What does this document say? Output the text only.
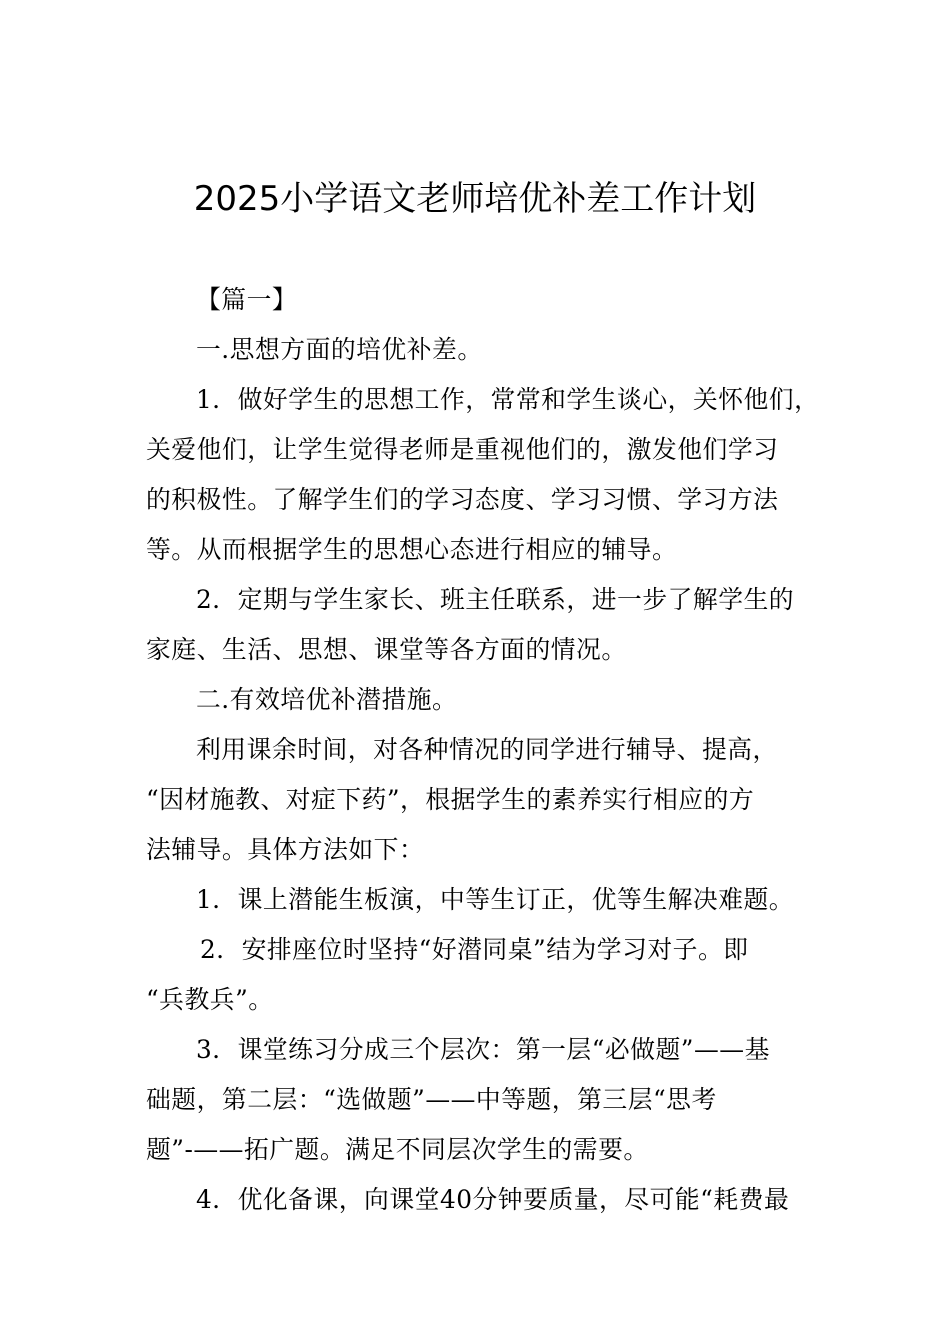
2025小学语文老师培优补差工作计划
【篇一】
一.思想方面的培优补差。
1．做好学生的思想工作，常常和学生谈心，关怀他们，
关爱他们，让学生觉得老师是重视他们的，激发他们学习
的积极性。了解学生们的学习态度、学习习惯、学习方法
等。从而根据学生的思想心态进行相应的辅导。
2．定期与学生家长、班主任联系，进一步了解学生的
家庭、生活、思想、课堂等各方面的情况。
二.有效培优补潜措施。
利用课余时间，对各种情况的同学进行辅导、提高，
“因材施教、对症下药”，根据学生的素养实行相应的方
法辅导。具体方法如下：
1．课上潜能生板演，中等生订正，优等生解决难题。
2．安排座位时坚持“好潜同桌”结为学习对子。即
“兵教兵”。
3．课堂练习分成三个层次：第一层“必做题”——基
础题，第二层：“选做题”——中等题，第三层“思考
题”-——拓广题。满足不同层次学生的需要。
4．优化备课，向课堂40分钟要质量，尽可能“耗费最
